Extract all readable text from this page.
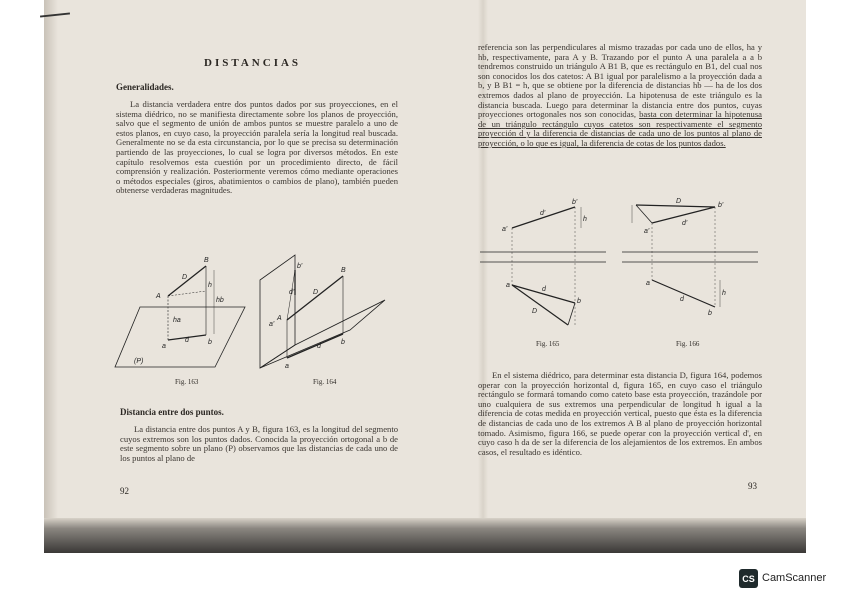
DISTANCIAS
Generalidades.
La distancia verdadera entre dos puntos dados por sus proyecciones, en el sistema diédrico, no se manifiesta directamente sobre los planos de proyección, salvo que el segmento de unión de ambos puntos se muestre paralelo a uno de estos planos, en cuyo caso, la proyección paralela sería la longitud real buscada. Generalmente no se da esta circunstancia, por lo que se precisa su determinación partiendo de las proyecciones, lo cual se logra por diversos métodos. En este capítulo resolvemos esta cuestión por un procedimiento directo, de fácil comprensión y realización. Posteriormente veremos cómo mediante operaciones o métodos especiales (giros, abatimientos o cambios de plano), también pueden obtenerse verdaderas magnitudes.
A
B
D
a
b
d
h
ha
hb
(P)
Fig. 163
A
B
D
a
b
d
a'
b'
d'
Fig. 164
Distancia entre dos puntos.
La distancia entre dos puntos A y B, figura 163, es la longitud del segmento cuyos extremos son los puntos dados. Conocida la proyección ortogonal a b de este segmento sobre un plano (P) observamos que las distancias de cada uno de los puntos al plano de
92
referencia son las perpendiculares al mismo trazadas por cada uno de ellos, ha y hb, respectivamente, para A y B. Trazando por el punto A una paralela a a b tendremos construido un triángulo A B1 B, que es rectángulo en B1, del cual nos son conocidos los dos catetos: A B1 igual por paralelismo a la proyección dada a b, y B B1 = h, que se obtiene por la diferencia de distancias hb — ha de los dos extremos dados al plano de proyección. La hipotenusa de este triángulo es la distancia buscada. Luego para determinar la distancia entre dos puntos, cuyas proyecciones ortogonales nos son conocidas, basta con determinar la hipotenusa de un triángulo rectángulo cuyos catetos son respectivamente el segmento proyección d y la diferencia de distancias de cada uno de los puntos al plano de proyección, o lo que es igual, la diferencia de cotas de los puntos dados.
a'
b'
d'
a
b
d
D
h
Fig. 165
a'
b'
d'
D
a
b
d
h
Fig. 166
En el sistema diédrico, para determinar esta distancia D, figura 164, podemos operar con la proyección horizontal d, figura 165, en cuyo caso el triángulo rectángulo se formará tomando como cateto base esta proyección, trazándole por uno cualquiera de sus extremos una perpendicular de longitud h igual a la diferencia de cotas medida en proyección vertical, puesto que ésta es la diferencia de distancias de cada uno de los extremos A B al plano de proyección horizontal tomado. Asimismo, figura 166, se puede operar con la proyección vertical d', en cuyo caso h da de ser la diferencia de los alejamientos de los extremos. En ambos casos, el resultado es idéntico.
93
CS CamScanner
